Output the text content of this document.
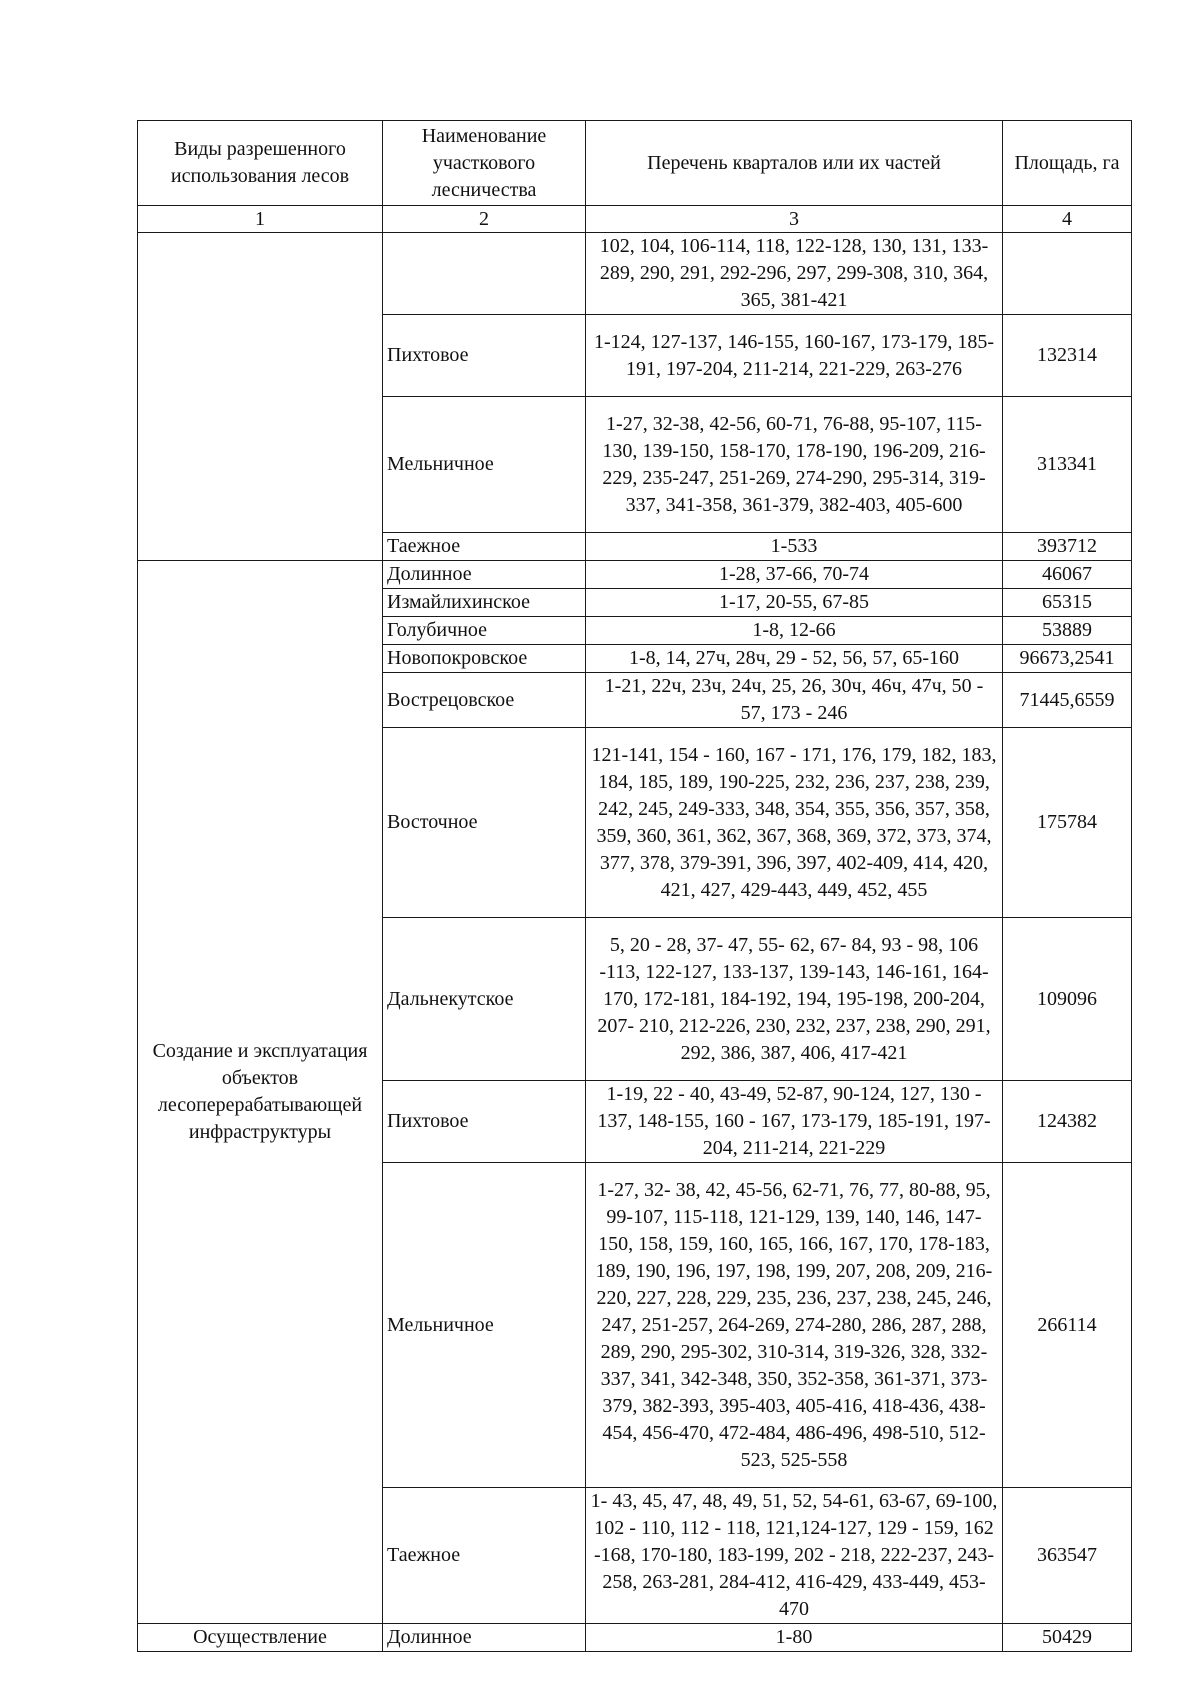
Виды разрешенного использования лесов	Наименование участкового лесничества	Перечень кварталов или их частей	Площадь, га
1	2	3	4
		102, 104, 106-114, 118, 122-128, 130, 131, 133-289, 290, 291, 292-296, 297, 299-308, 310, 364, 365, 381-421	
	Пихтовое	1-124, 127-137, 146-155, 160-167, 173-179, 185-191, 197-204, 211-214, 221-229, 263-276	132314
	Мельничное	1-27, 32-38, 42-56, 60-71, 76-88, 95-107, 115-130, 139-150, 158-170, 178-190, 196-209, 216-229, 235-247, 251-269, 274-290, 295-314, 319-337, 341-358, 361-379, 382-403, 405-600	313341
	Таежное	1-533	393712
Создание и эксплуатация объектов лесоперерабатывающей инфраструктуры	Долинное	1-28, 37-66, 70-74	46067
	Измайлихинское	1-17, 20-55, 67-85	65315
	Голубичное	1-8, 12-66	53889
	Новопокровское	1-8, 14, 27ч, 28ч, 29 - 52, 56, 57, 65-160	96673,2541
	Вострецовское	1-21, 22ч, 23ч, 24ч, 25, 26, 30ч, 46ч, 47ч, 50 - 57, 173 - 246	71445,6559
	Восточное	121-141, 154 - 160, 167 - 171, 176, 179, 182, 183, 184, 185, 189, 190-225, 232, 236, 237, 238, 239, 242, 245, 249-333, 348, 354, 355, 356, 357, 358, 359, 360, 361, 362, 367, 368, 369, 372, 373, 374, 377, 378, 379-391, 396, 397, 402-409, 414, 420, 421, 427, 429-443, 449, 452, 455	175784
	Дальнекутское	5, 20 - 28, 37- 47, 55- 62, 67- 84, 93 - 98, 106 -113, 122-127, 133-137, 139-143, 146-161, 164-170, 172-181, 184-192, 194, 195-198, 200-204, 207- 210, 212-226, 230, 232, 237, 238, 290, 291, 292, 386, 387, 406, 417-421	109096
	Пихтовое	1-19, 22 - 40, 43-49, 52-87, 90-124, 127, 130 - 137, 148-155, 160 - 167, 173-179, 185-191, 197-204, 211-214, 221-229	124382
	Мельничное	1-27, 32- 38, 42, 45-56, 62-71, 76, 77, 80-88, 95, 99-107, 115-118, 121-129, 139, 140, 146, 147-150, 158, 159, 160, 165, 166, 167, 170, 178-183, 189, 190, 196, 197, 198, 199, 207, 208, 209, 216-220, 227, 228, 229, 235, 236, 237, 238, 245, 246, 247, 251-257, 264-269, 274-280, 286, 287, 288, 289, 290, 295-302, 310-314, 319-326, 328, 332-337, 341, 342-348, 350, 352-358, 361-371, 373-379, 382-393, 395-403, 405-416, 418-436, 438-454, 456-470, 472-484, 486-496, 498-510, 512-523, 525-558	266114
	Таежное	1- 43, 45, 47, 48, 49, 51, 52, 54-61, 63-67, 69-100, 102 - 110, 112 - 118, 121,124-127, 129 - 159, 162 -168, 170-180, 183-199, 202 - 218, 222-237, 243-258, 263-281, 284-412, 416-429, 433-449, 453-470	363547
Осуществление	Долинное	1-80	50429
